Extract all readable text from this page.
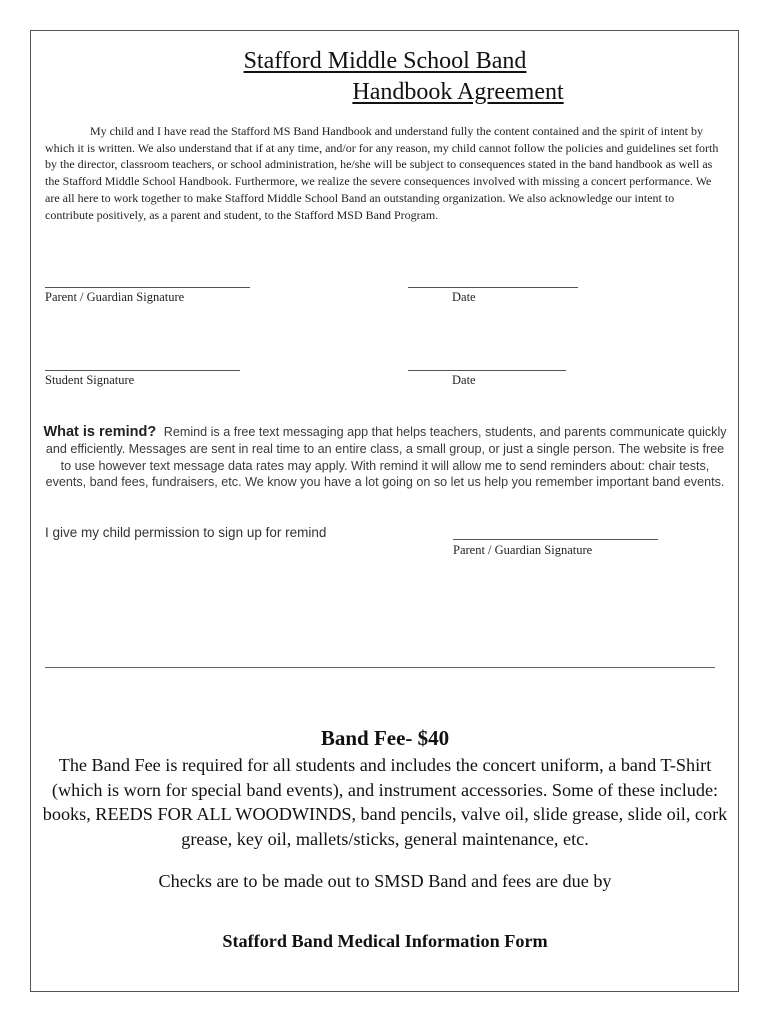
Stafford Middle School Band
Handbook Agreement

My child and I have read the Stafford MS Band Handbook and understand fully the content contained and the spirit of intent by which it is written. We also understand that if at any time, and/or for any reason, my child cannot follow the policies and guidelines set forth by the director, classroom teachers, or school administration, he/she will be subject to consequences stated in the band handbook as well as the Stafford Middle School Handbook. Furthermore, we realize the severe consequences involved with missing a concert performance. We are all here to work together to make Stafford Middle School Band an outstanding organization. We also acknowledge our intent to contribute positively, as a parent and student, to the Stafford MSD Band Program.

Parent / Guardian Signature	Date
Student Signature	Date
What is remind? Remind is a free text messaging app that helps teachers, students, and parents communicate quickly and efficiently. Messages are sent in real time to an entire class, a small group, or just a single person. The website is free to use however text message data rates may apply. With remind it will allow me to send reminders about: chair tests, events, band fees, fundraisers, etc. We know you have a lot going on so let us help you remember important band events.
I give my child permission to sign up for remind
Parent / Guardian Signature
Band Fee- $40
The Band Fee is required for all students and includes the concert uniform, a band T-Shirt (which is worn for special band events), and instrument accessories. Some of these include: books, REEDS FOR ALL WOODWINDS, band pencils, valve oil, slide grease, slide oil, cork grease, key oil, mallets/sticks, general maintenance, etc.
Checks are to be made out to SMSD Band and fees are due by
Stafford Band Medical Information Form
